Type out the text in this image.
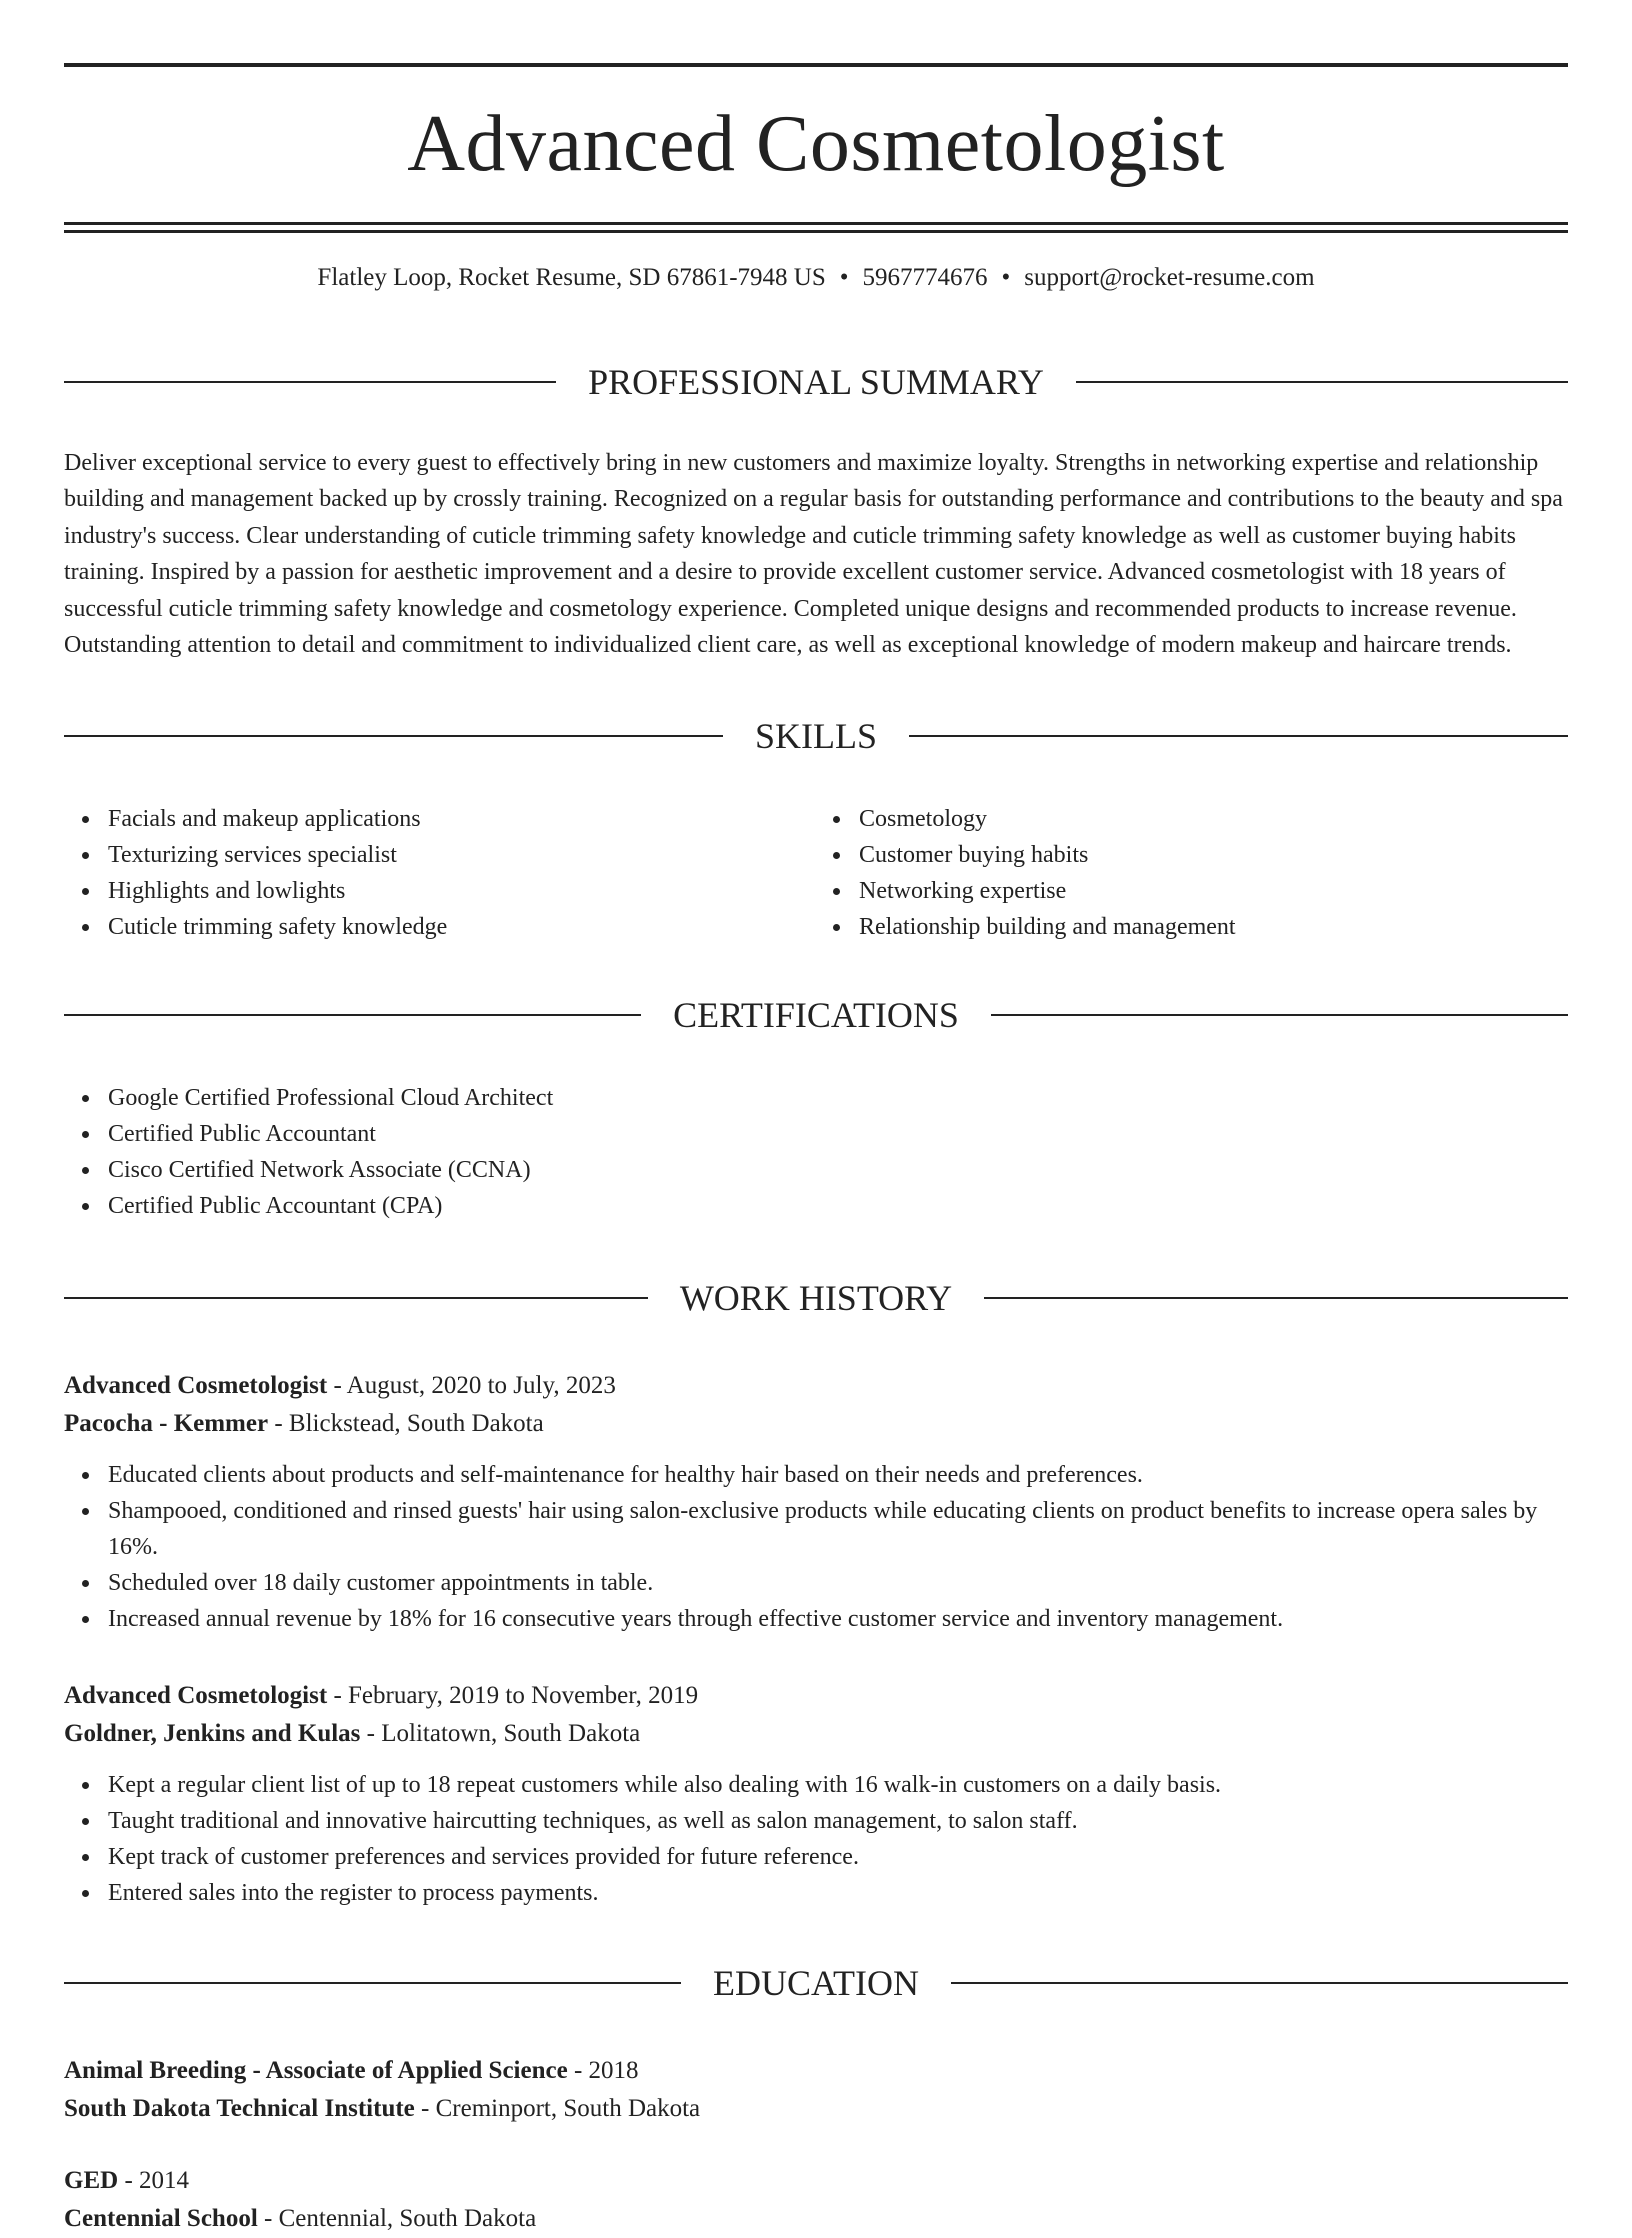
Advanced Cosmetologist
Flatley Loop, Rocket Resume, SD 67861-7948 US • 5967774676 • support@rocket-resume.com
PROFESSIONAL SUMMARY

Deliver exceptional service to every guest to effectively bring in new customers and maximize loyalty. Strengths in networking expertise and relationship building and management backed up by crossly training. Recognized on a regular basis for outstanding performance and contributions to the beauty and spa industry's success. Clear understanding of cuticle trimming safety knowledge and cuticle trimming safety knowledge as well as customer buying habits training. Inspired by a passion for aesthetic improvement and a desire to provide excellent customer service. Advanced cosmetologist with 18 years of successful cuticle trimming safety knowledge and cosmetology experience. Completed unique designs and recommended products to increase revenue. Outstanding attention to detail and commitment to individualized client care, as well as exceptional knowledge of modern makeup and haircare trends.

SKILLS
Facials and makeup applications
Texturizing services specialist
Highlights and lowlights
Cuticle trimming safety knowledge
Cosmetology
Customer buying habits
Networking expertise
Relationship building and management
CERTIFICATIONS
Google Certified Professional Cloud Architect
Certified Public Accountant
Cisco Certified Network Associate (CCNA)
Certified Public Accountant (CPA)
WORK HISTORY
Advanced Cosmetologist - August, 2020 to July, 2023
Pacocha - Kemmer - Blickstead, South Dakota
Educated clients about products and self-maintenance for healthy hair based on their needs and preferences.
Shampooed, conditioned and rinsed guests' hair using salon-exclusive products while educating clients on product benefits to increase opera sales by 16%.
Scheduled over 18 daily customer appointments in table.
Increased annual revenue by 18% for 16 consecutive years through effective customer service and inventory management.
Advanced Cosmetologist - February, 2019 to November, 2019
Goldner, Jenkins and Kulas - Lolitatown, South Dakota
Kept a regular client list of up to 18 repeat customers while also dealing with 16 walk-in customers on a daily basis.
Taught traditional and innovative haircutting techniques, as well as salon management, to salon staff.
Kept track of customer preferences and services provided for future reference.
Entered sales into the register to process payments.
EDUCATION
Animal Breeding - Associate of Applied Science - 2018
South Dakota Technical Institute - Creminport, South Dakota
GED - 2014
Centennial School - Centennial, South Dakota
